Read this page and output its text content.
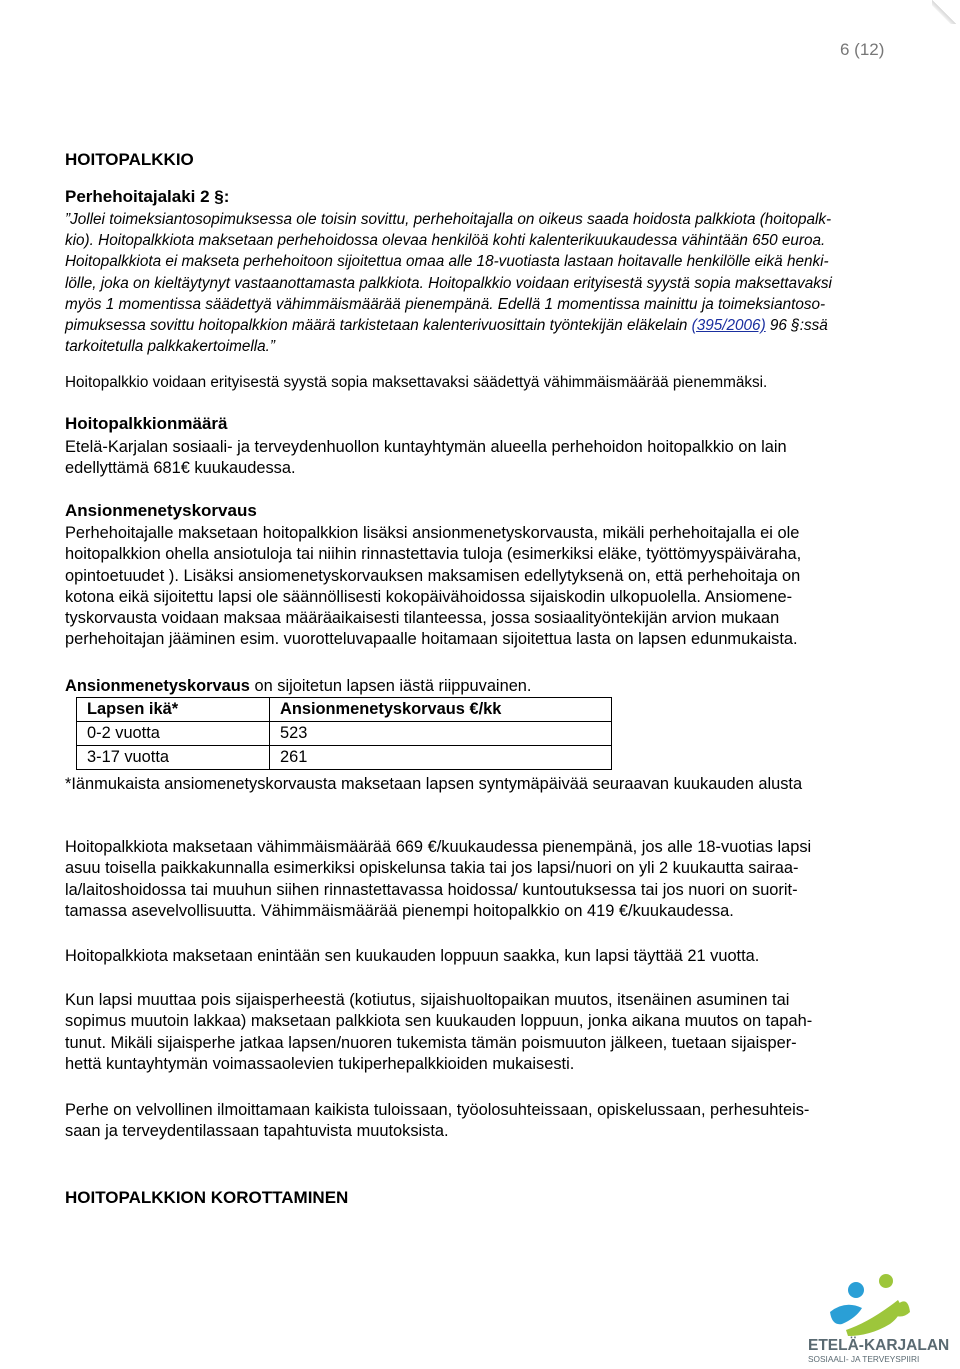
6 (12)
HOITOPALKKIO
Perhehoitajalaki 2 §:
”Jollei toimeksiantosopimuksessa ole toisin sovittu, perhehoitajalla on oikeus saada hoidosta palkkiota (hoitopalk-
kio). Hoitopalkkiota maksetaan perhehoidossa olevaa henkilöä kohti kalenterikuukaudessa vähintään 650 euroa.
Hoitopalkkiota ei makseta perhehoitoon sijoitettua omaa alle 18-vuotiasta lastaan hoitavalle henkilölle eikä henki-
lölle, joka on kieltäytynyt vastaanottamasta palkkiota. Hoitopalkkio voidaan erityisestä syystä sopia maksettavaksi
myös 1 momentissa säädettyä vähimmäismäärää pienempänä. Edellä 1 momentissa mainittu ja toimeksiantoso-
pimuksessa sovittu hoitopalkkion määrä tarkistetaan kalenterivuosittain työntekijän eläkelain (395/2006) 96 §:ssä
tarkoitetulla palkkakertoimella.”
Hoitopalkkio voidaan erityisestä syystä sopia maksettavaksi säädettyä vähimmäismäärää pienemmäksi.
Hoitopalkkionmäärä
Etelä-Karjalan sosiaali- ja terveydenhuollon kuntayhtymän alueella perhehoidon hoitopalkkio on lain
edellyttämä 681€ kuukaudessa.
Ansionmenetyskorvaus
Perhehoitajalle maksetaan hoitopalkkion lisäksi ansionmenetyskorvausta, mikäli perhehoitajalla ei ole
hoitopalkkion ohella ansiotuloja tai niihin rinnastettavia tuloja (esimerkiksi eläke, työttömyyspäiväraha,
opintoetuudet ). Lisäksi ansiomenetyskorvauksen maksamisen edellytyksenä on, että perhehoitaja on
kotona eikä sijoitettu lapsi ole säännöllisesti kokopäivähoidossa sijaiskodin ulkopuolella. Ansiomene-
tyskorvausta voidaan maksaa määräaikaisesti tilanteessa, jossa sosiaalityöntekijän arvion mukaan
perhehoitajan jääminen esim. vuorotteluvapaalle hoitamaan sijoitettua lasta on lapsen edunmukaista.
Ansionmenetyskorvaus on sijoitetun lapsen iästä riippuvainen.
Lapsen ikä*	Ansionmenetyskorvaus €/kk
0-2 vuotta	523
3-17 vuotta	261
*Iänmukaista ansiomenetyskorvausta maksetaan lapsen syntymäpäivää seuraavan kuukauden alusta
Hoitopalkkiota maksetaan vähimmäismäärää 669 €/kuukaudessa pienempänä, jos alle 18-vuotias lapsi
asuu toisella paikkakunnalla esimerkiksi opiskelunsa takia tai jos lapsi/nuori on yli 2 kuukautta sairaa-
la/laitoshoidossa tai muuhun siihen rinnastettavassa hoidossa/ kuntoutuksessa tai jos nuori on suorit-
tamassa asevelvollisuutta. Vähimmäismäärää pienempi hoitopalkkio on 419 €/kuukaudessa.
Hoitopalkkiota maksetaan enintään sen kuukauden loppuun saakka, kun lapsi täyttää 21 vuotta.
Kun lapsi muuttaa pois sijaisperheestä (kotiutus, sijaishuoltopaikan muutos, itsenäinen asuminen tai
sopimus muutoin lakkaa) maksetaan palkkiota sen kuukauden loppuun, jonka aikana muutos on tapah-
tunut. Mikäli sijaisperhe jatkaa lapsen/nuoren tukemista tämän poismuuton jälkeen, tuetaan sijaisper-
hettä kuntayhtymän voimassaolevien tukiperhepalkkioiden mukaisesti.
Perhe on velvollinen ilmoittamaan kaikista tuloissaan, työolosuhteissaan, opiskelussaan, perhesuhteis-
saan ja terveydentilassaan tapahtuvista muutoksista.
HOITOPALKKION KOROTTAMINEN
ETELÄ-KARJALAN
SOSIAALI- JA TERVEYSPIIRI
